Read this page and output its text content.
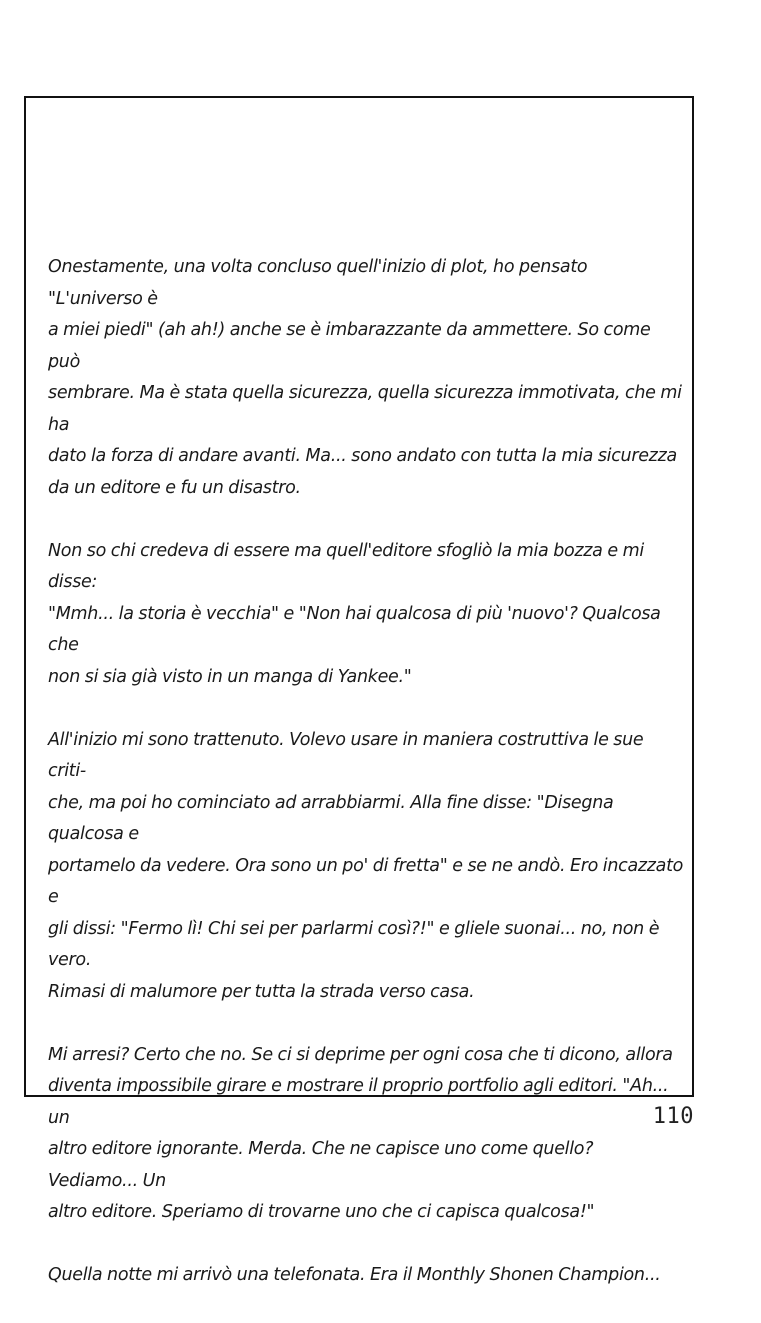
Onestamente, una volta concluso quell'inizio di plot, ho pensato "L'universo è
a miei piedi" (ah ah!) anche se è imbarazzante da ammettere. So come può
sembrare. Ma è stata quella sicurezza, quella sicurezza immotivata, che mi ha
dato la forza di andare avanti. Ma... sono andato con tutta la mia sicurezza
da un editore e fu un disastro.

Non so chi credeva di essere ma quell'editore sfogliò la mia bozza e mi disse:
"Mmh... la storia è vecchia" e "Non hai qualcosa di più 'nuovo'? Qualcosa che
non si sia già visto in un manga di Yankee."

All'inizio mi sono trattenuto. Volevo usare in maniera costruttiva le sue criti-
che, ma poi ho cominciato ad arrabbiarmi. Alla fine disse: "Disegna qualcosa e
portamelo da vedere. Ora sono un po' di fretta" e se ne andò. Ero incazzato e
gli dissi: "Fermo lì! Chi sei per parlarmi così?!" e gliele suonai... no, non è vero.
Rimasi di malumore per tutta la strada verso casa.

Mi arresi? Certo che no. Se ci si deprime per ogni cosa che ti dicono, allora
diventa impossibile girare e mostrare il proprio portfolio agli editori. "Ah... un
altro editore ignorante. Merda. Che ne capisce uno come quello? Vediamo... Un
altro editore. Speriamo di trovarne uno che ci capisca qualcosa!"

Quella notte mi arrivò una telefonata. Era il Monthly Shonen Champion...

110
